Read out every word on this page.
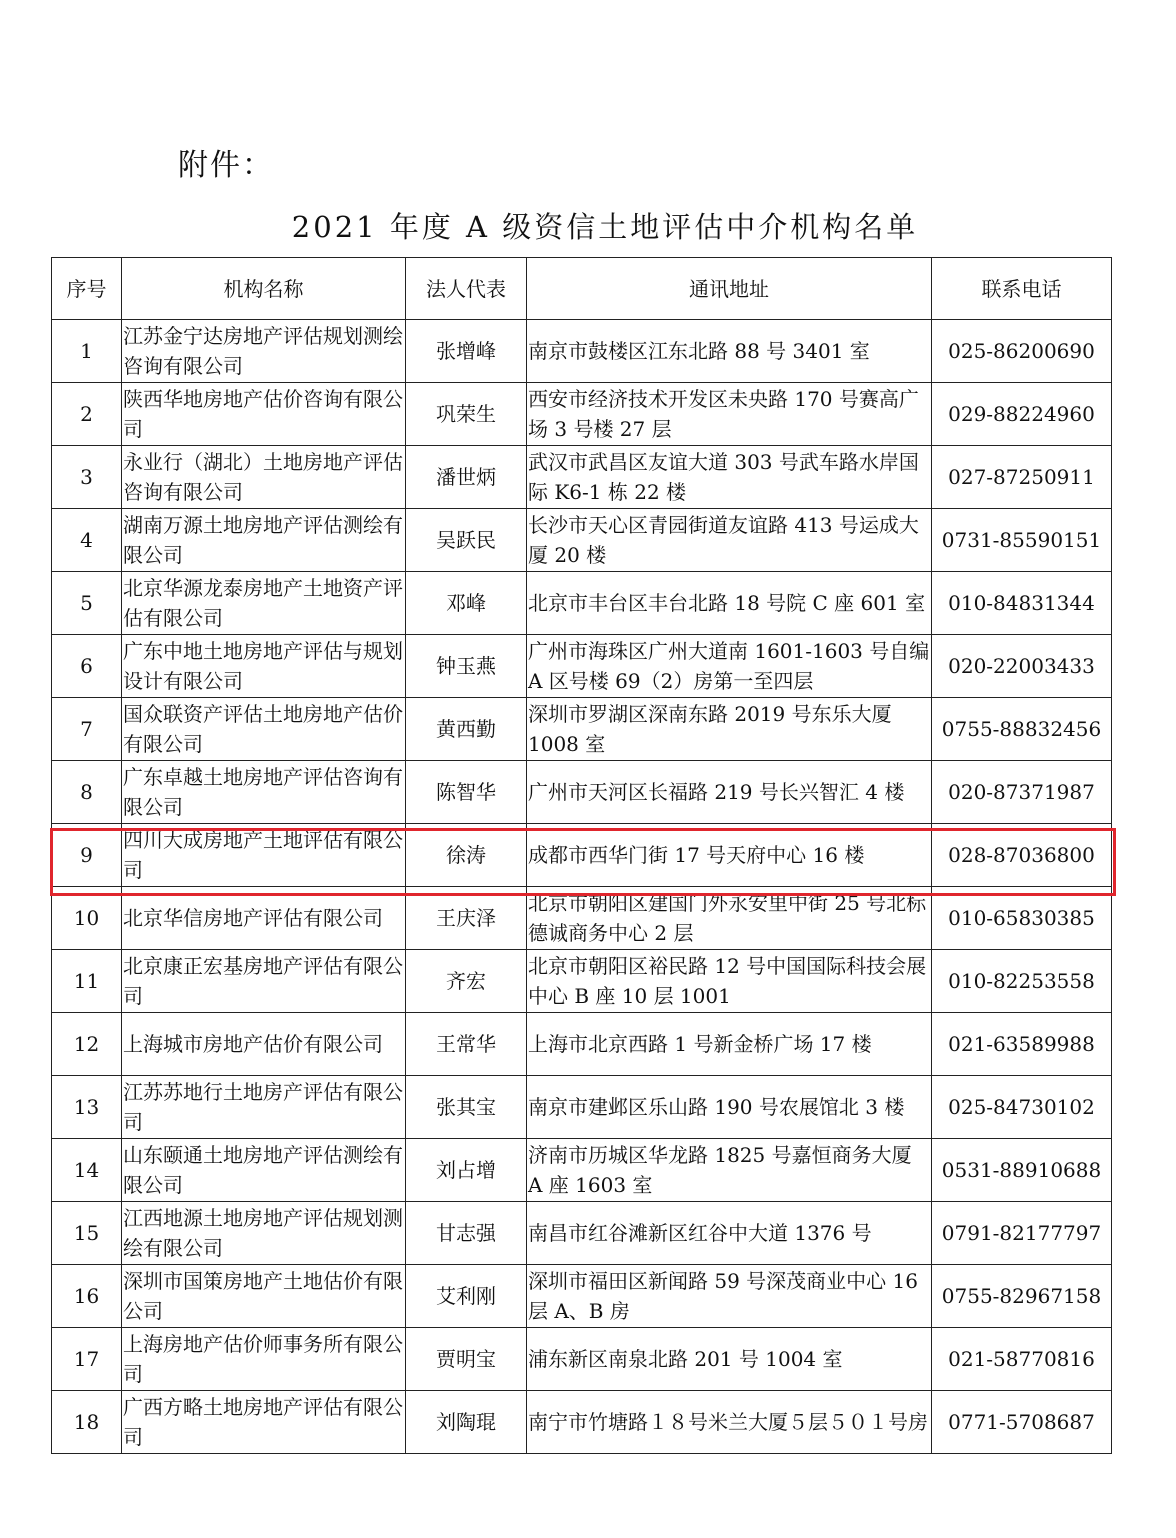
附件：
2021 年度 A 级资信土地评估中介机构名单
序号	机构名称	法人代表	通讯地址	联系电话
1	江苏金宁达房地产评估规划测绘咨询有限公司	张增峰	南京市鼓楼区江东北路 88 号 3401 室	025-86200690
2	陕西华地房地产估价咨询有限公司	巩荣生	西安市经济技术开发区未央路 170 号赛高广场 3 号楼 27 层	029-88224960
3	永业行（湖北）土地房地产评估咨询有限公司	潘世炳	武汉市武昌区友谊大道 303 号武车路水岸国际 K6-1 栋 22 楼	027-87250911
4	湖南万源土地房地产评估测绘有限公司	吴跃民	长沙市天心区青园街道友谊路 413 号运成大厦 20 楼	0731-85590151
5	北京华源龙泰房地产土地资产评估有限公司	邓峰	北京市丰台区丰台北路 18 号院 C 座 601 室	010-84831344
6	广东中地土地房地产评估与规划设计有限公司	钟玉燕	广州市海珠区广州大道南 1601-1603 号自编 A 区号楼 69（2）房第一至四层	020-22003433
7	国众联资产评估土地房地产估价有限公司	黄西勤	深圳市罗湖区深南东路 2019 号东乐大厦 1008 室	0755-88832456
8	广东卓越土地房地产评估咨询有限公司	陈智华	广州市天河区长福路 219 号长兴智汇 4 楼	020-87371987
9	四川大成房地产土地评估有限公司	徐涛	成都市西华门街 17 号天府中心 16 楼	028-87036800
10	北京华信房地产评估有限公司	王庆泽	北京市朝阳区建国门外永安里中街 25 号北标德诚商务中心 2 层	010-65830385
11	北京康正宏基房地产评估有限公司	齐宏	北京市朝阳区裕民路 12 号中国国际科技会展中心 B 座 10 层 1001	010-82253558
12	上海城市房地产估价有限公司	王常华	上海市北京西路 1 号新金桥广场 17 楼	021-63589988
13	江苏苏地行土地房产评估有限公司	张其宝	南京市建邺区乐山路 190 号农展馆北 3 楼	025-84730102
14	山东颐通土地房地产评估测绘有限公司	刘占增	济南市历城区华龙路 1825 号嘉恒商务大厦 A 座 1603 室	0531-88910688
15	江西地源土地房地产评估规划测绘有限公司	甘志强	南昌市红谷滩新区红谷中大道 1376 号	0791-82177797
16	深圳市国策房地产土地估价有限公司	艾利刚	深圳市福田区新闻路 59 号深茂商业中心 16 层 A、B 房	0755-82967158
17	上海房地产估价师事务所有限公司	贾明宝	浦东新区南泉北路 201 号 1004 室	021-58770816
18	广西方略土地房地产评估有限公司	刘陶琨	南宁市竹塘路１８号米兰大厦５层５０１号房	0771-5708687
